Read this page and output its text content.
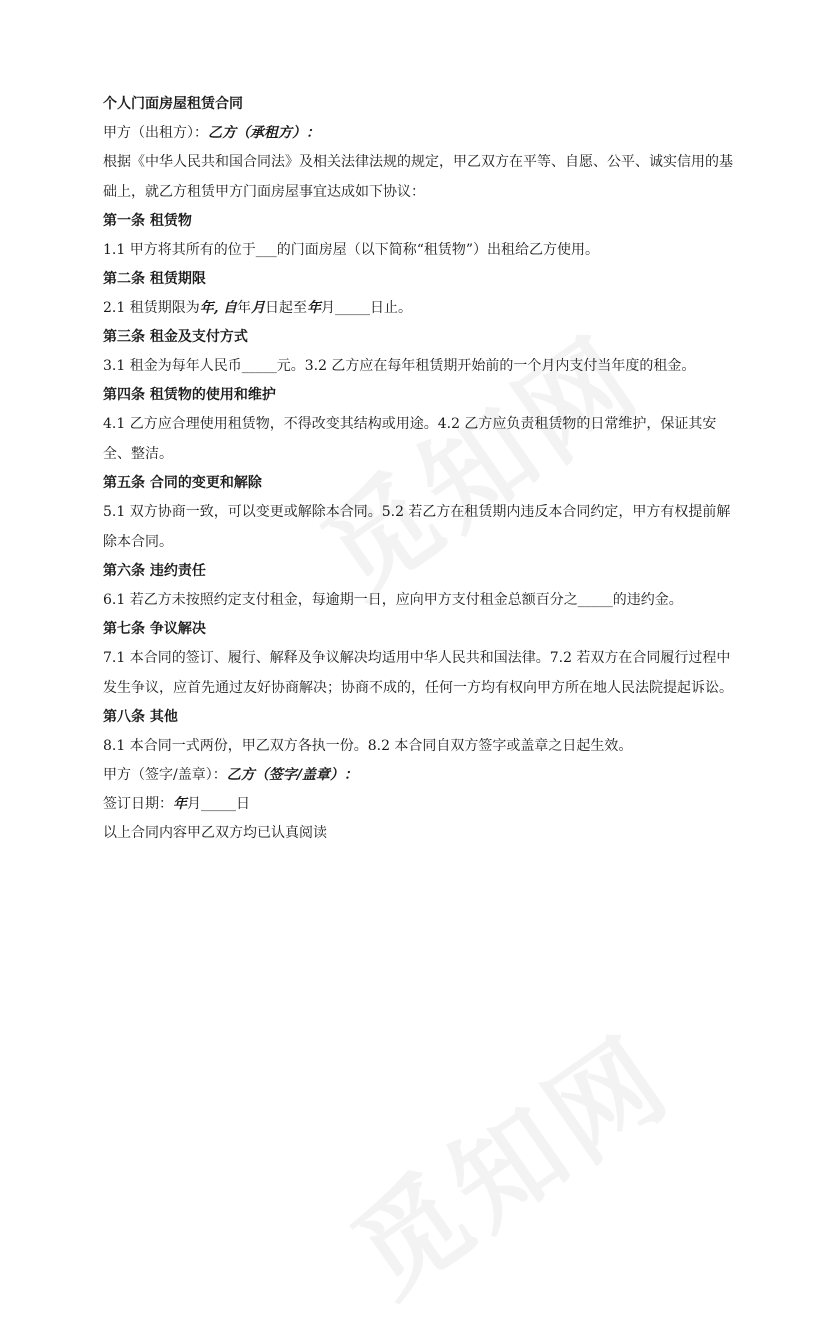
个人门面房屋租赁合同
甲方（出租方）：乙方（承租方）：
根据《中华人民共和国合同法》及相关法律法规的规定，甲乙双方在平等、自愿、公平、诚实信用的基础上，就乙方租赁甲方门面房屋事宜达成如下协议：
第一条 租赁物
1.1 甲方将其所有的位于___的门面房屋（以下简称“租赁物”）出租给乙方使用。
第二条 租赁期限
2.1 租赁期限为年, 自年月日起至年月_____日止。
第三条 租金及支付方式
3.1 租金为每年人民币_____元。3.2 乙方应在每年租赁期开始前的一个月内支付当年度的租金。
第四条 租赁物的使用和维护
4.1 乙方应合理使用租赁物，不得改变其结构或用途。4.2 乙方应负责租赁物的日常维护，保证其安全、整洁。
第五条 合同的变更和解除
5.1 双方协商一致，可以变更或解除本合同。5.2 若乙方在租赁期内违反本合同约定，甲方有权提前解除本合同。
第六条 违约责任
6.1 若乙方未按照约定支付租金，每逾期一日，应向甲方支付租金总额百分之_____的违约金。
第七条 争议解决
7.1 本合同的签订、履行、解释及争议解决均适用中华人民共和国法律。7.2 若双方在合同履行过程中发生争议，应首先通过友好协商解决；协商不成的，任何一方均有权向甲方所在地人民法院提起诉讼。
第八条 其他
8.1 本合同一式两份，甲乙双方各执一份。8.2 本合同自双方签字或盖章之日起生效。
甲方（签字/盖章）：乙方（签字/盖章）：
签订日期：年月_____日
以上合同内容甲乙双方均已认真阅读
